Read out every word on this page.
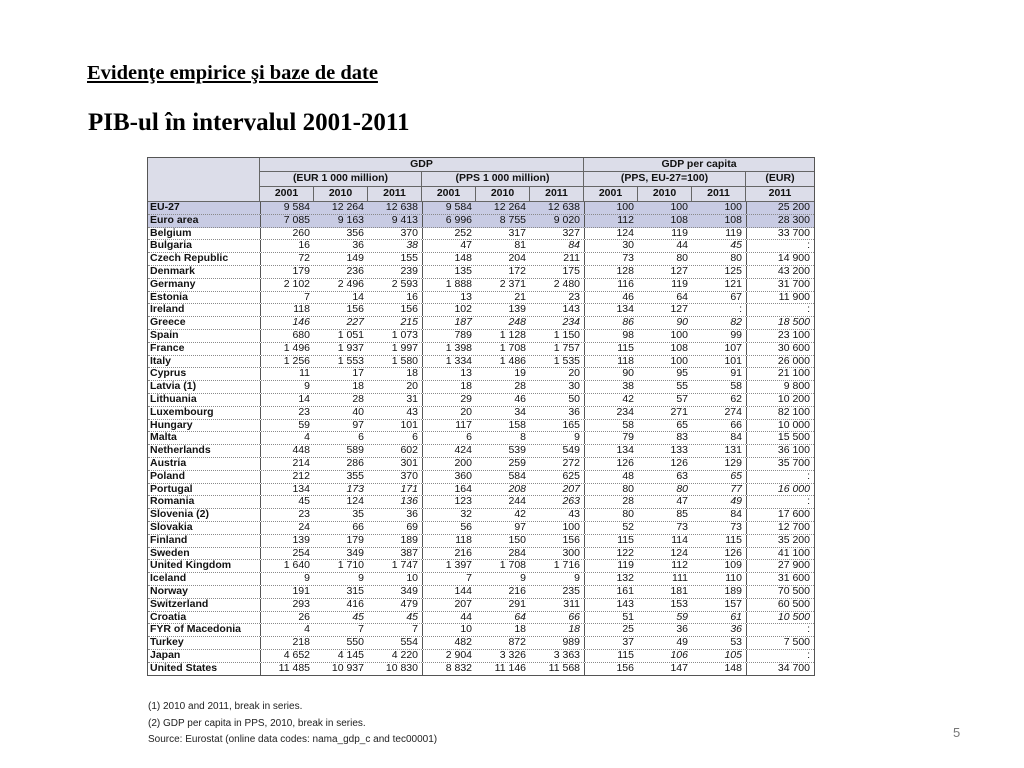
Evidenţe empirice şi baze de date
PIB-ul în intervalul 2001-2011
GDP	GDP per capita
(EUR 1 000 million)	(PPS 1 000 million)	(PPS, EU-27=100)	(EUR)
2001	2010	2011	2001	2010	2011	2001	2010	2011	2011
EU-27	9 584	12 264	12 638	9 584	12 264	12 638	100	100	100	25 200
Euro area	7 085	9 163	9 413	6 996	8 755	9 020	112	108	108	28 300
Belgium	260	356	370	252	317	327	124	119	119	33 700
Bulgaria	16	36	38	47	81	84	30	44	45	:
Czech Republic	72	149	155	148	204	211	73	80	80	14 900
Denmark	179	236	239	135	172	175	128	127	125	43 200
Germany	2 102	2 496	2 593	1 888	2 371	2 480	116	119	121	31 700
Estonia	7	14	16	13	21	23	46	64	67	11 900
Ireland	118	156	156	102	139	143	134	127	:	:
Greece	146	227	215	187	248	234	86	90	82	18 500
Spain	680	1 051	1 073	789	1 128	1 150	98	100	99	23 100
France	1 496	1 937	1 997	1 398	1 708	1 757	115	108	107	30 600
Italy	1 256	1 553	1 580	1 334	1 486	1 535	118	100	101	26 000
Cyprus	11	17	18	13	19	20	90	95	91	21 100
Latvia (1)	9	18	20	18	28	30	38	55	58	9 800
Lithuania	14	28	31	29	46	50	42	57	62	10 200
Luxembourg	23	40	43	20	34	36	234	271	274	82 100
Hungary	59	97	101	117	158	165	58	65	66	10 000
Malta	4	6	6	6	8	9	79	83	84	15 500
Netherlands	448	589	602	424	539	549	134	133	131	36 100
Austria	214	286	301	200	259	272	126	126	129	35 700
Poland	212	355	370	360	584	625	48	63	65	:
Portugal	134	173	171	164	208	207	80	80	77	16 000
Romania	45	124	136	123	244	263	28	47	49	:
Slovenia (2)	23	35	36	32	42	43	80	85	84	17 600
Slovakia	24	66	69	56	97	100	52	73	73	12 700
Finland	139	179	189	118	150	156	115	114	115	35 200
Sweden	254	349	387	216	284	300	122	124	126	41 100
United Kingdom	1 640	1 710	1 747	1 397	1 708	1 716	119	112	109	27 900
Iceland	9	9	10	7	9	9	132	111	110	31 600
Norway	191	315	349	144	216	235	161	181	189	70 500
Switzerland	293	416	479	207	291	311	143	153	157	60 500
Croatia	26	45	45	44	64	66	51	59	61	10 500
FYR of Macedonia	4	7	7	10	18	18	25	36	36	:
Turkey	218	550	554	482	872	989	37	49	53	7 500
Japan	4 652	4 145	4 220	2 904	3 326	3 363	115	106	105	:
United States	11 485	10 937	10 830	8 832	11 146	11 568	156	147	148	34 700
(1) 2010 and 2011, break in series.
(2) GDP per capita in PPS, 2010, break in series.
Source: Eurostat (online data codes: nama_gdp_c and tec00001)	5
